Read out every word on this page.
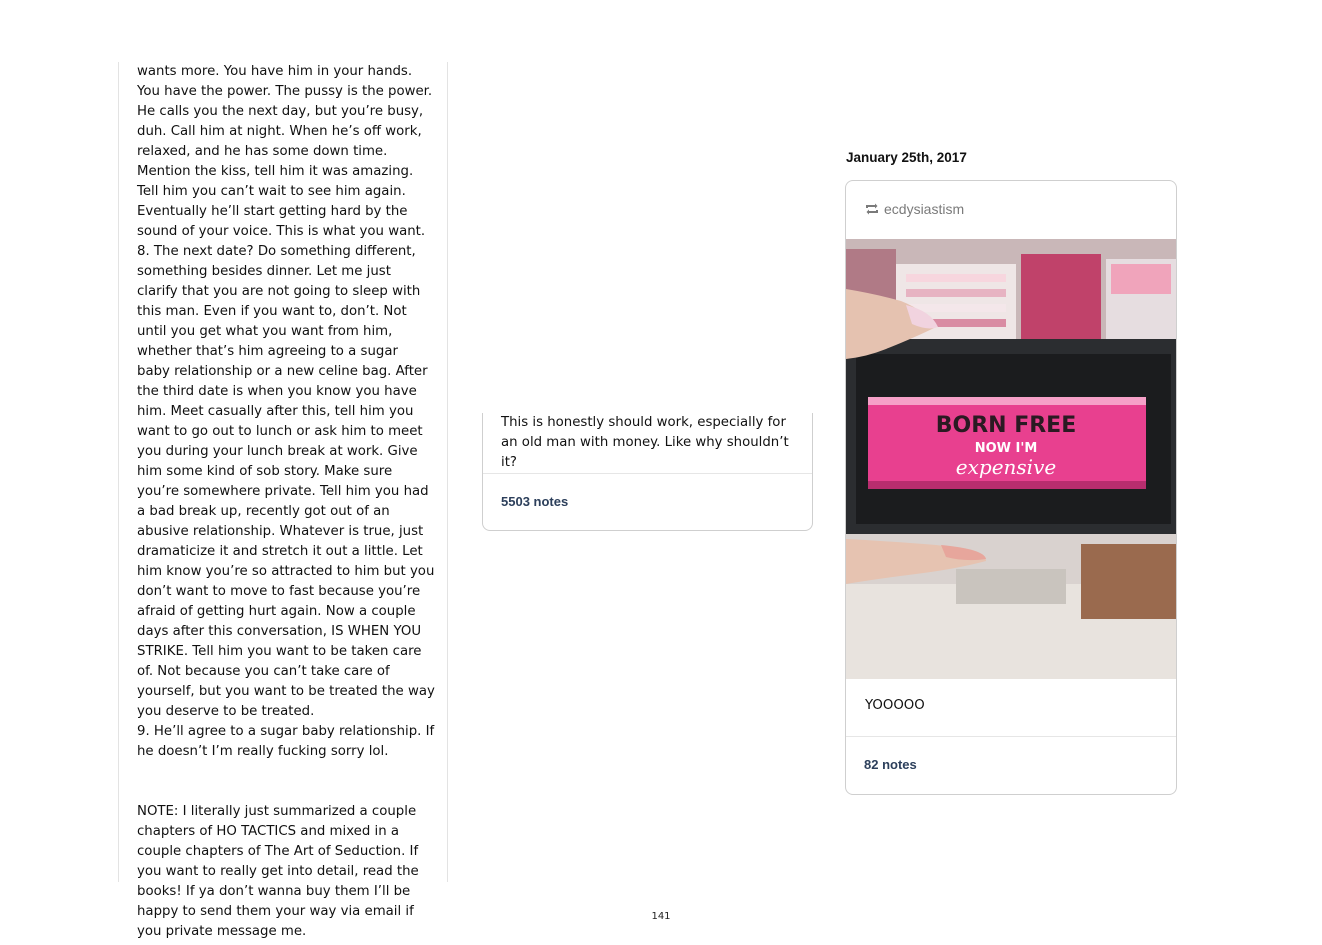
wants more. You have him in your hands. You have the power. The pussy is the power. He calls you the next day, but you’re busy, duh. Call him at night. When he’s off work, relaxed, and he has some down time. Mention the kiss, tell him it was amazing. Tell him you can’t wait to see him again. Eventually he’ll start getting hard by the sound of your voice. This is what you want.

8. The next date? Do something different, something besides dinner. Let me just clarify that you are not going to sleep with this man. Even if you want to, don’t. Not until you get what you want from him, whether that’s him agreeing to a sugar baby relationship or a new celine bag. After the third date is when you know you have him. Meet casually after this, tell him you want to go out to lunch or ask him to meet you during your lunch break at work. Give him some kind of sob story. Make sure you’re somewhere private. Tell him you had a bad break up, recently got out of an abusive relationship. Whatever is true, just dramaticize it and stretch it out a little. Let him know you’re so attracted to him but you don’t want to move to fast because you’re afraid of getting hurt again. Now a couple days after this conversation, IS WHEN YOU STRIKE. Tell him you want to be taken care of. Not because you can’t take care of yourself, but you want to be treated the way you deserve to be treated.

9. He’ll agree to a sugar baby relationship. If he doesn’t I’m really fucking sorry lol.

NOTE: I literally just summarized a couple chapters of HO TACTICS and mixed in a couple chapters of The Art of Seduction. If you want to really get into detail, read the books! If ya don’t wanna buy them I’ll be happy to send them your way via email if you private message me.

This is honestly should work, especially for an old man with money. Like why shouldn’t it?
5503 notes
January 25th, 2017
ecdysiastism
BORN FREE
NOW I'M
expensive
YOOOOO
82 notes
141
